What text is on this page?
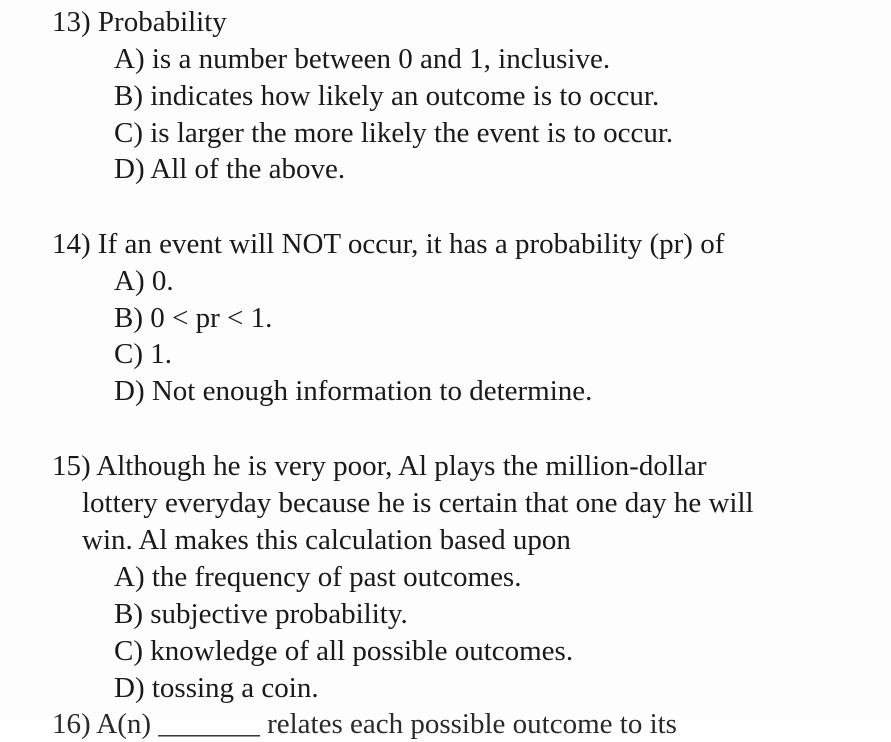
13) Probability
A) is a number between 0 and 1, inclusive.
B) indicates how likely an outcome is to occur.
C) is larger the more likely the event is to occur.
D) All of the above.
14) If an event will NOT occur, it has a probability (pr) of
A) 0.
B) 0 < pr < 1.
C) 1.
D) Not enough information to determine.
15) Although he is very poor, Al plays the million-dollar
lottery everyday because he is certain that one day he will
win. Al makes this calculation based upon
A) the frequency of past outcomes.
B) subjective probability.
C) knowledge of all possible outcomes.
D) tossing a coin.
16) A(n) _______ relates each possible outcome to its
